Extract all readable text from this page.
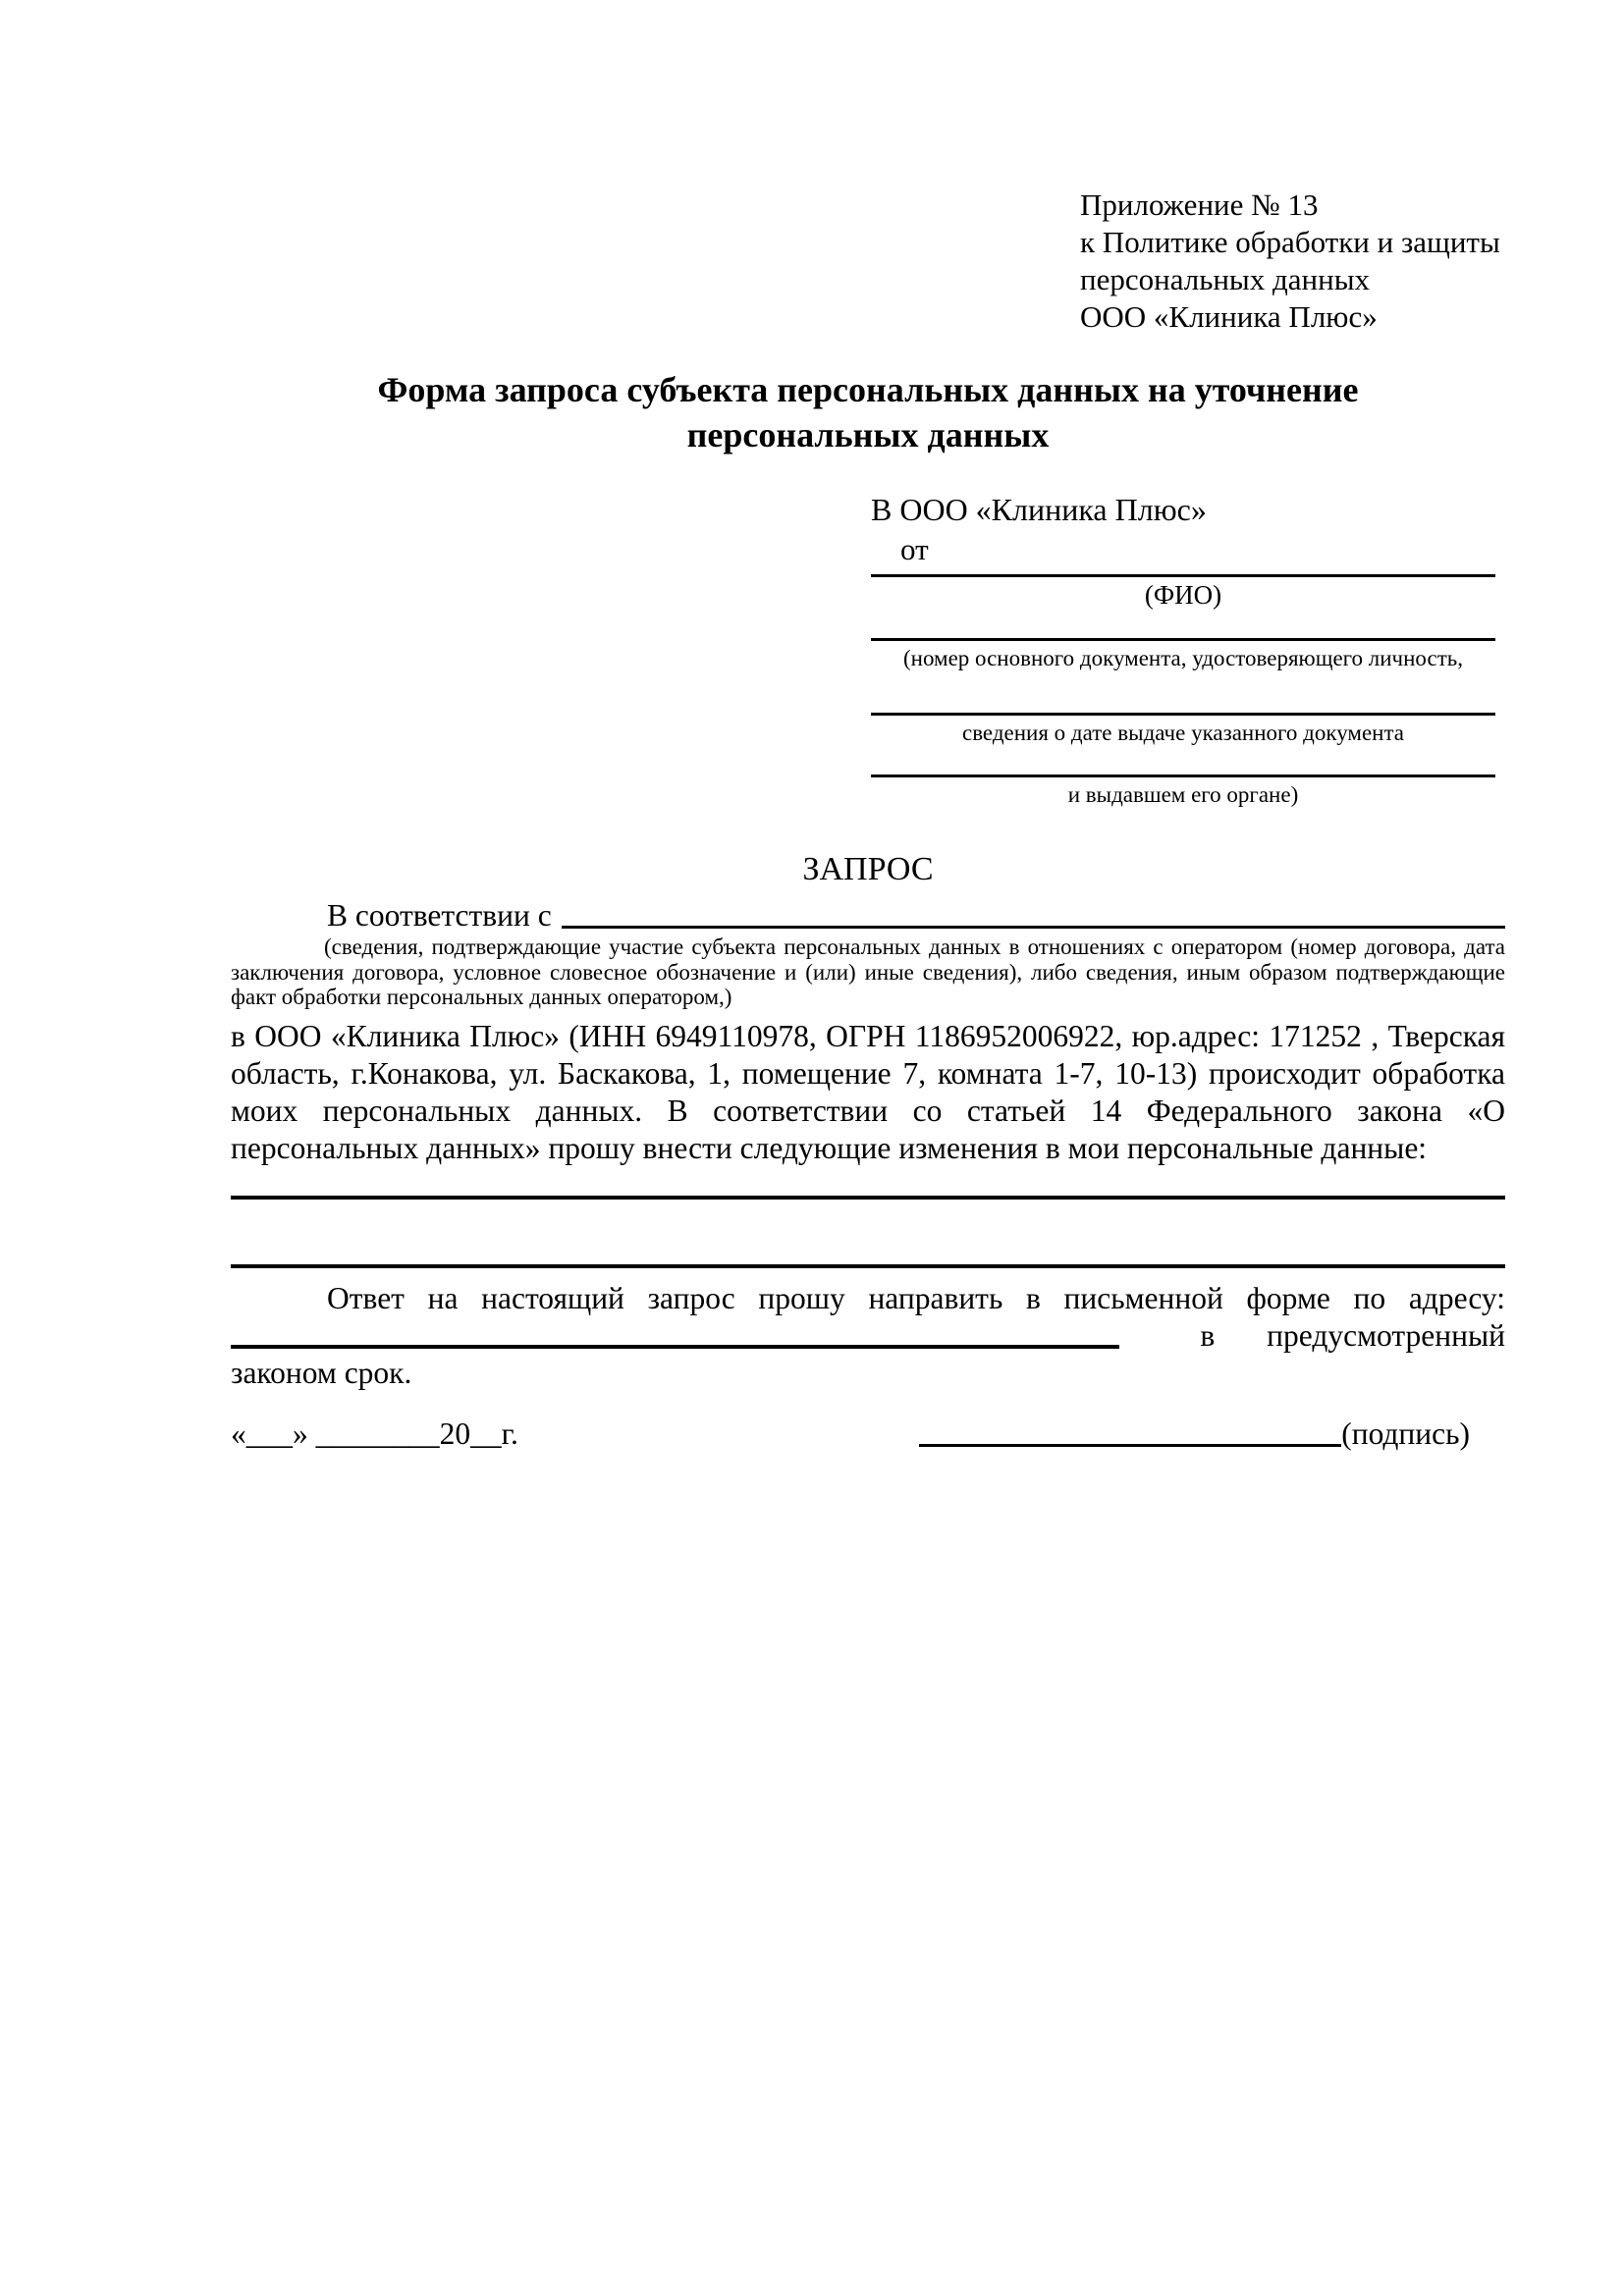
Приложение № 13
к Политике обработки и защиты
персональных данных
ООО «Клиника Плюс»
Форма запроса субъекта персональных данных на уточнение
персональных данных
В ООО «Клиника Плюс»
от
(ФИО)
(номер основного документа, удостоверяющего личность,
сведения о дате выдаче указанного документа
и выдавшем его органе)
ЗАПРОС
В соответствии с

(сведения, подтверждающие участие субъекта персональных данных в отношениях с оператором (номер договора, дата заключения договора, условное словесное обозначение и (или) иные сведения), либо сведения, иным образом подтверждающие факт обработки персональных данных оператором,)

в ООО «Клиника Плюс» (ИНН 6949110978, ОГРН 1186952006922, юр.адрес: 171252 , Тверская область, г.Конакова, ул. Баскакова, 1, помещение 7, комната 1-7, 10-13) происходит обработка моих персональных данных. В соответствии со статьей 14 Федерального закона «О персональных данных» прошу внести следующие изменения в мои персональные данные:

Ответ на настоящий запрос прошу направить в письменной форме по адресу:

в предусмотренный

законом срок.

«___» ________20__г.	(подпись)
